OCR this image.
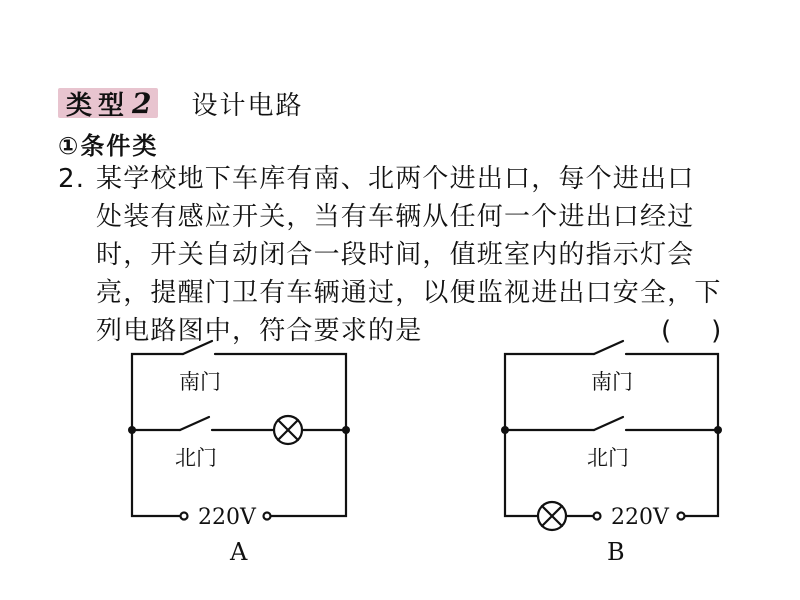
类型 2 设计电路
①条件类
2. 某学校地下车库有南、北两个进出口，每个进出口
处装有感应开关，当有车辆从任何一个进出口经过
时，开关自动闭合一段时间，值班室内的指示灯会
亮，提醒门卫有车辆通过，以便监视进出口安全，下
列电路图中，符合要求的是	()
南门
北门
220V
A
南门
北门
220V
B
